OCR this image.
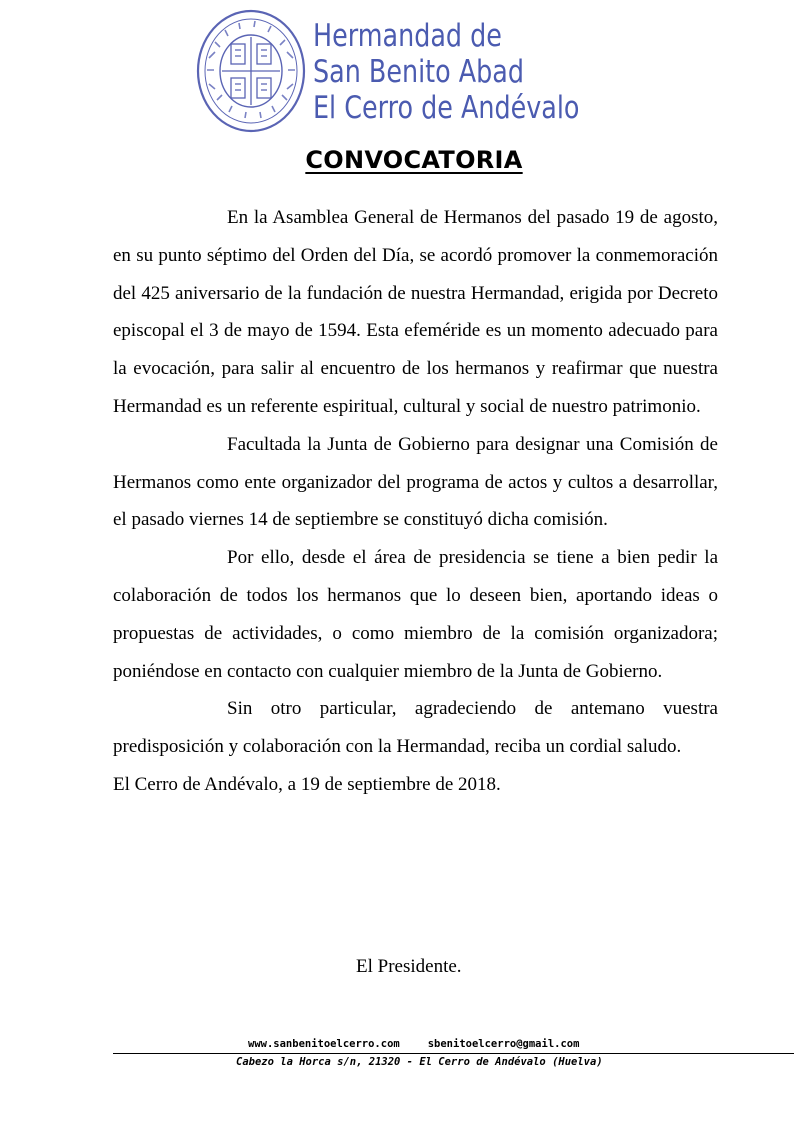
Hermandad de
San Benito Abad
El Cerro de Andévalo
CONVOCATORIA

En la Asamblea General de Hermanos del pasado 19 de agosto, en su punto séptimo del Orden del Día, se acordó promover la conmemoración del 425 aniversario de la fundación de nuestra Hermandad, erigida por Decreto episcopal el 3 de mayo de 1594. Esta efeméride es un momento adecuado para la evocación, para salir al encuentro de los hermanos y reafirmar que nuestra Hermandad es un referente espiritual, cultural y social de nuestro patrimonio.

Facultada la Junta de Gobierno para designar una Comisión de Hermanos como ente organizador del programa de actos y cultos a desarrollar, el pasado viernes 14 de septiembre se constituyó dicha comisión.

Por ello, desde el área de presidencia se tiene a bien pedir la colaboración de todos los hermanos que lo deseen bien, aportando ideas o propuestas de actividades, o como miembro de la comisión organizadora; poniéndose en contacto con cualquier miembro de la Junta de Gobierno.

Sin otro particular, agradeciendo de antemano vuestra predisposición y colaboración con la Hermandad, reciba un cordial saludo.

El Cerro de Andévalo, a 19 de septiembre de 2018.

El Presidente.
www.sanbenitoelcerro.com	sbenitoelcerro@gmail.com
Cabezo la Horca s/n, 21320 - El Cerro de Andévalo (Huelva)
